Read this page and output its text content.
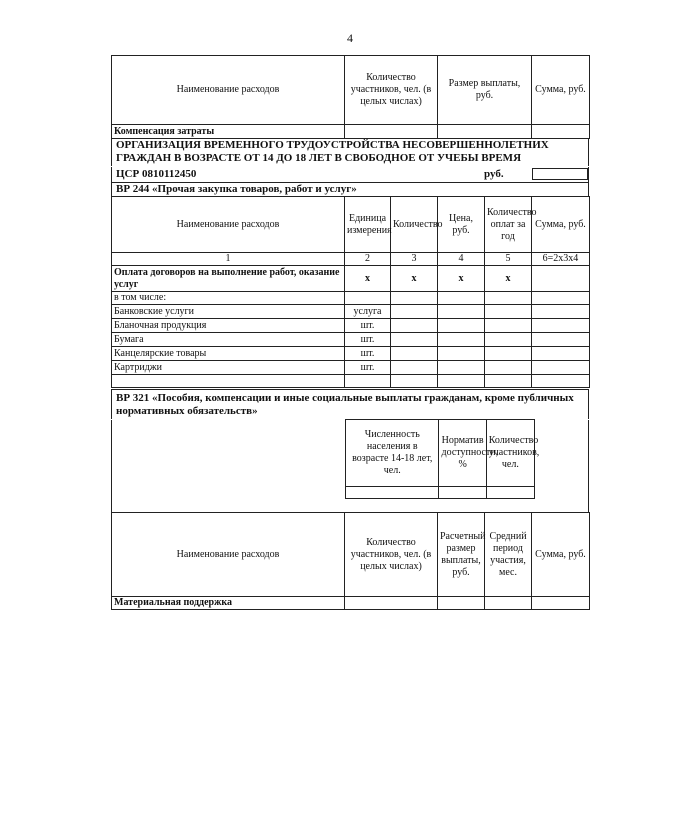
4
Наименование расходов	Количество участников, чел. (в целых числах)	Размер выплаты, руб.	Сумма, руб.
Компенсация затраты			
ОРГАНИЗАЦИЯ ВРЕМЕННОГО ТРУДОУСТРОЙСТВА НЕСОВЕРШЕННОЛЕТНИХ ГРАЖДАН В ВОЗРАСТЕ ОТ 14 ДО 18 ЛЕТ В СВОБОДНОЕ ОТ УЧЕБЫ ВРЕМЯ
ЦСР 0810112450	руб.
ВР 244 «Прочая закупка товаров, работ и услуг»
Наименование расходов	Единица измерения	Количество	Цена, руб.	Количество оплат за год	Сумма, руб.
1	2	3	4	5	6=2х3х4
Оплата договоров на выполнение работ, оказание услуг	х	х	х	х	
в том числе:					
Банковские услуги	услуга				
Бланочная продукция	шт.				
Бумага	шт.				
Канцелярские товары	шт.				
Картриджи	шт.				

ВР 321 «Пособия, компенсации и иные социальные выплаты гражданам, кроме публичных нормативных обязательств»
Численность населения в возрасте 14-18 лет, чел.	Норматив доступности, %	Количество участников, чел.

Наименование расходов	Количество участников, чел. (в целых числах)	Расчетный размер выплаты, руб.	Средний период участия, мес.	Сумма, руб.
Материальная поддержка				
